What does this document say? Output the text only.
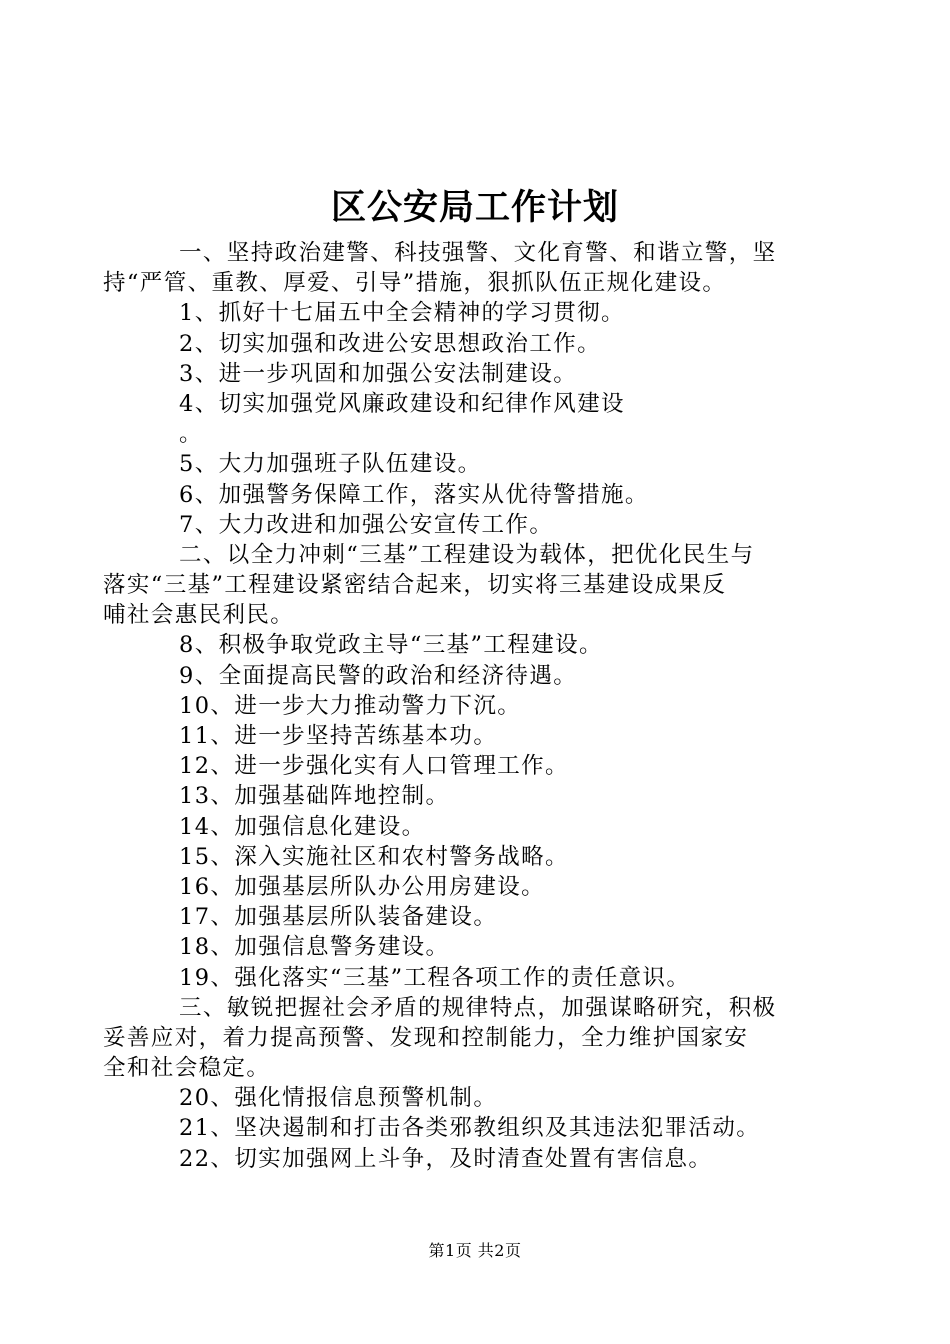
区公安局工作计划
一、坚持政治建警、科技强警、文化育警、和谐立警，坚
持“严管、重教、厚爱、引导”措施，狠抓队伍正规化建设。
1、抓好十七届五中全会精神的学习贯彻。
2、切实加强和改进公安思想政治工作。
3、进一步巩固和加强公安法制建设。
4、切实加强党风廉政建设和纪律作风建设
。
5、大力加强班子队伍建设。
6、加强警务保障工作，落实从优待警措施。
7、大力改进和加强公安宣传工作。
二、以全力冲刺“三基”工程建设为载体，把优化民生与
落实“三基”工程建设紧密结合起来，切实将三基建设成果反
哺社会惠民利民。
8、积极争取党政主导“三基”工程建设。
9、全面提高民警的政治和经济待遇。
10、进一步大力推动警力下沉。
11、进一步坚持苦练基本功。
12、进一步强化实有人口管理工作。
13、加强基础阵地控制。
14、加强信息化建设。
15、深入实施社区和农村警务战略。
16、加强基层所队办公用房建设。
17、加强基层所队装备建设。
18、加强信息警务建设。
19、强化落实“三基”工程各项工作的责任意识。
三、敏锐把握社会矛盾的规律特点，加强谋略研究，积极
妥善应对，着力提高预警、发现和控制能力，全力维护国家安
全和社会稳定。
20、强化情报信息预警机制。
21、坚决遏制和打击各类邪教组织及其违法犯罪活动。
22、切实加强网上斗争，及时清查处置有害信息。
第1页 共2页
